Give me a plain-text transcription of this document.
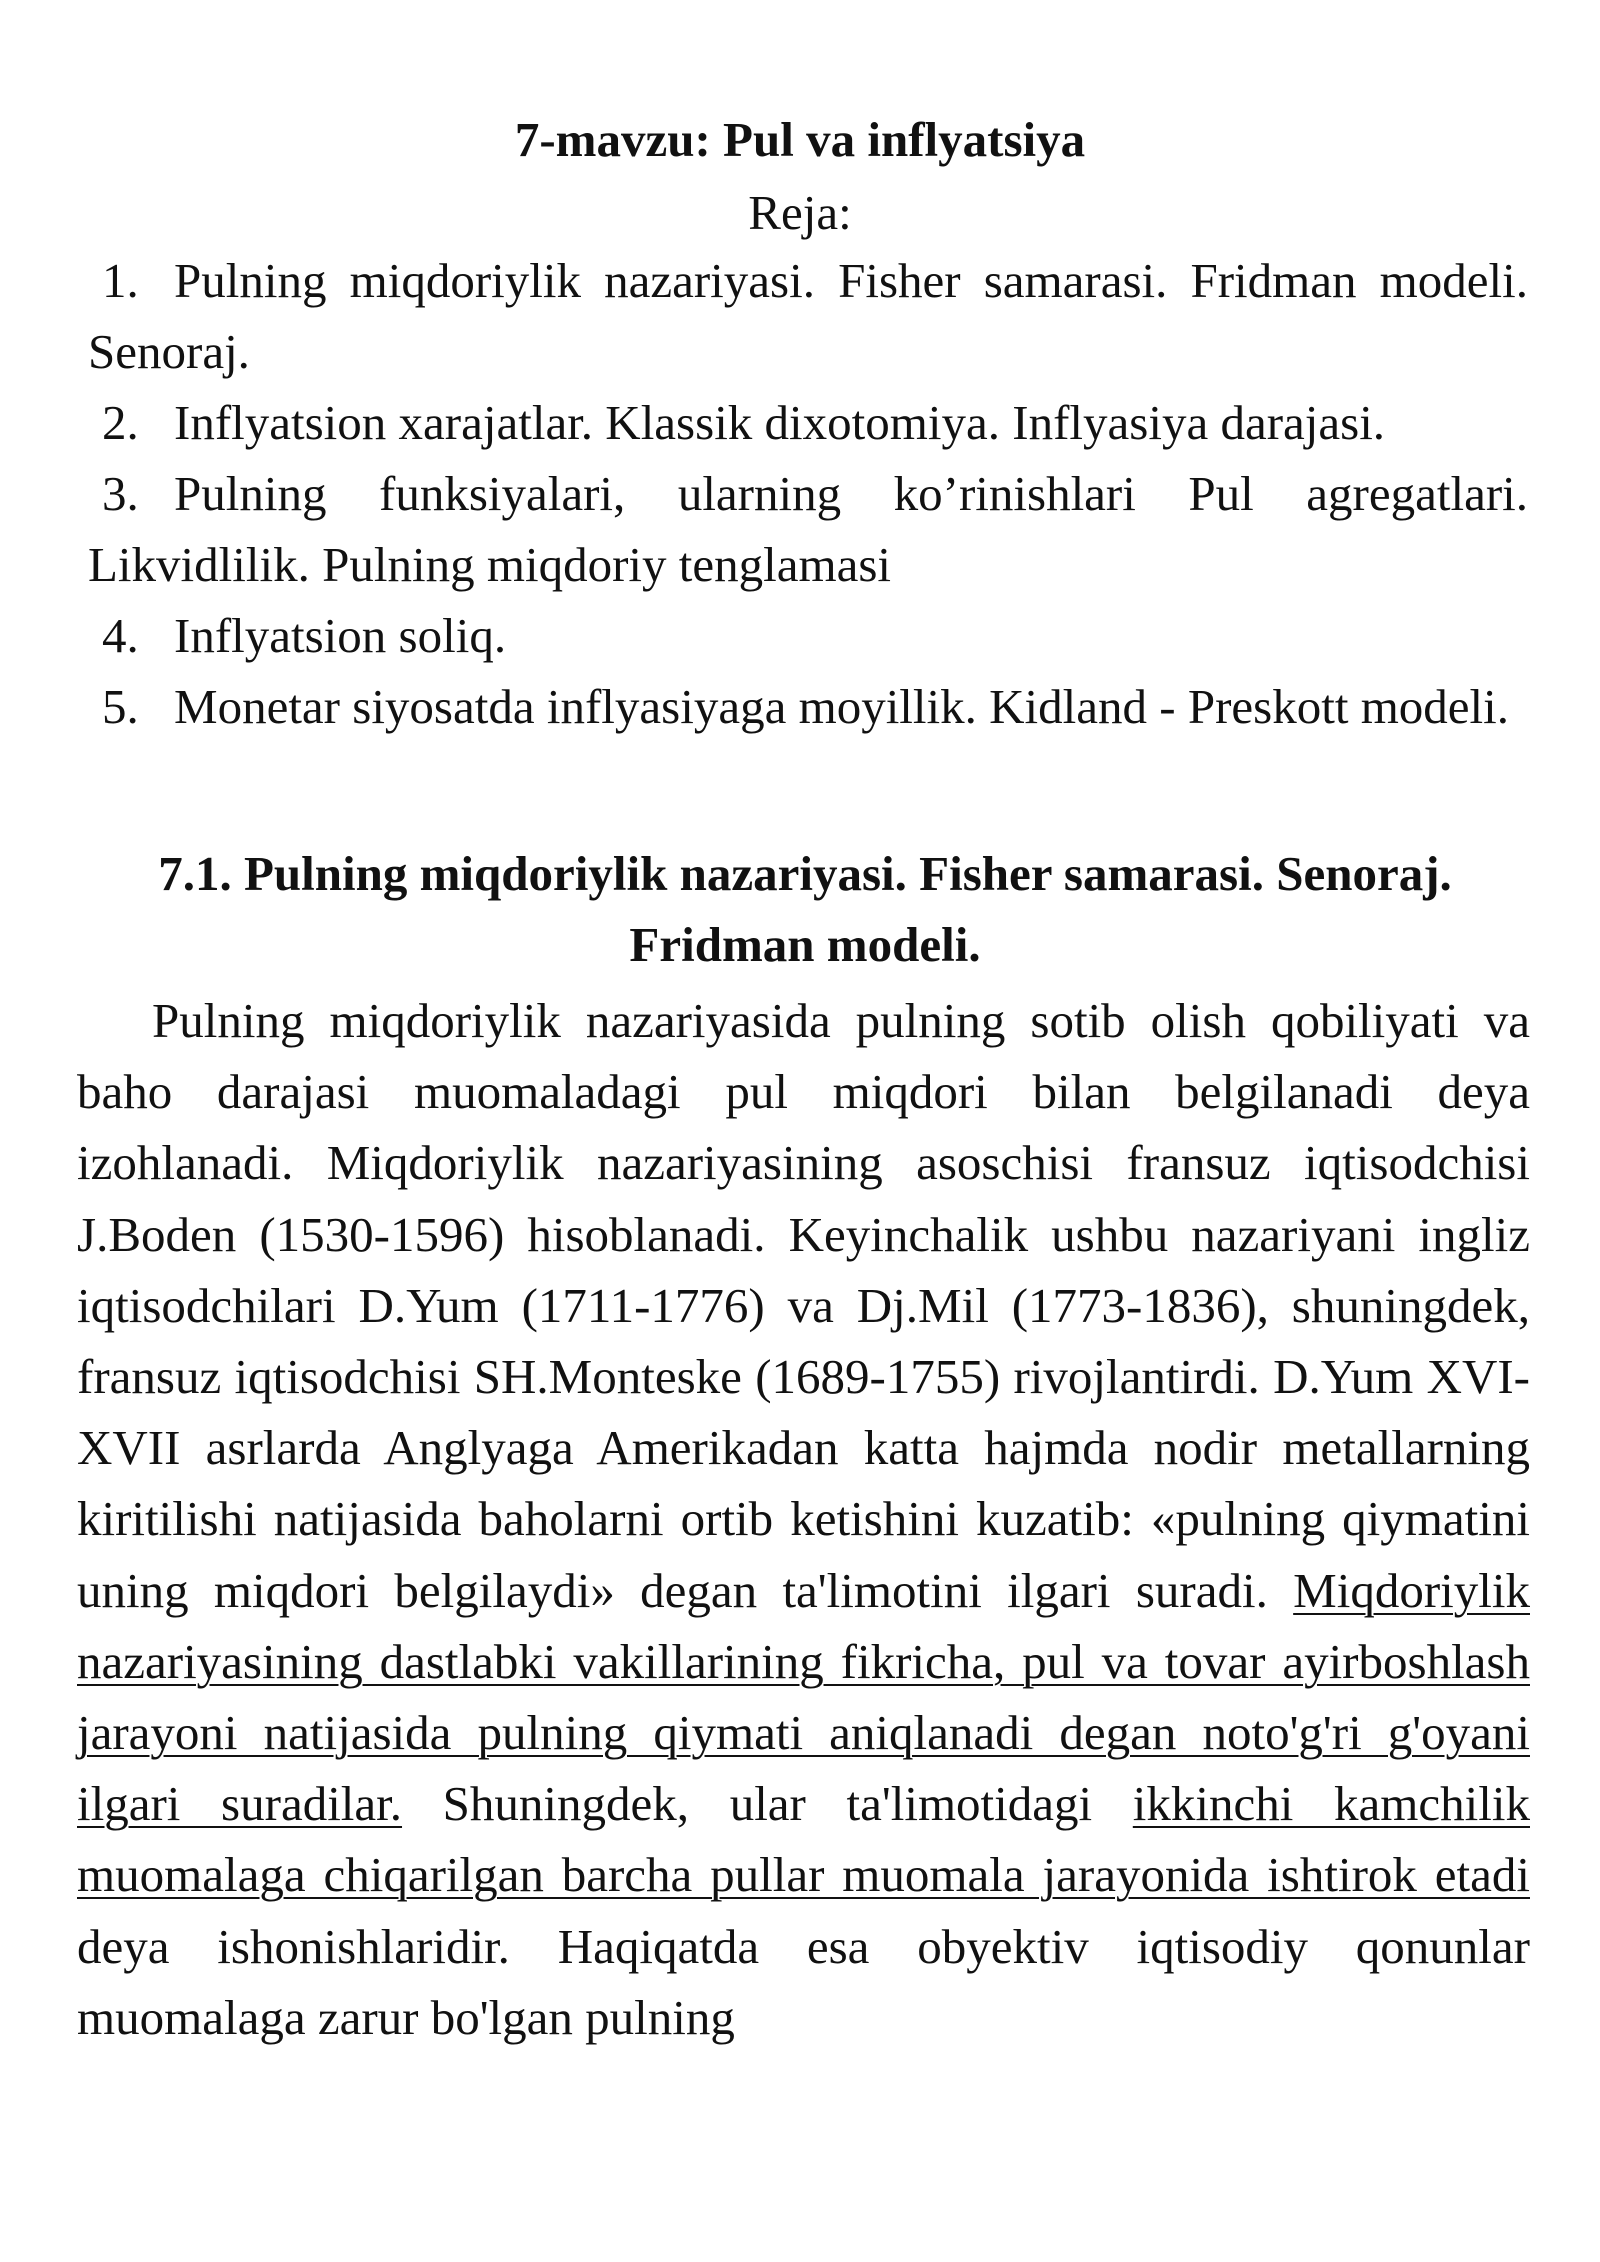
7-mavzu: Pul va inflyatsiya
Reja:

1. Pulning miqdoriylik nazariyasi. Fisher samarasi. Fridman modeli. Senoraj.

2. Inflyatsion xarajatlar. Klassik dixotomiya. Inflyasiya darajasi.

3. Pulning funksiyalari, ularning ko’rinishlari Pul agregatlari. Likvidlilik. Pulning miqdoriy tenglamasi

4. Inflyatsion soliq.

5. Monetar siyosatda inflyasiyaga moyillik. Kidland - Preskott modeli.

7.1. Pulning miqdoriylik nazariyasi. Fisher samarasi. Senoraj. Fridman modeli.

Pulning miqdoriylik nazariyasida pulning sotib olish qobiliyati va baho darajasi muomaladagi pul miqdori bilan belgilanadi deya izohlanadi. Miqdoriylik nazariyasining asoschisi fransuz iqtisodchisi J.Boden (1530-1596) hisoblanadi. Keyinchalik ushbu nazariyani ingliz iqtisodchilari D.Yum (1711-1776) va Dj.Mil (1773-1836), shuningdek, fransuz iqtisodchisi SH.Monteske (1689-1755) rivojlantirdi. D.Yum XVI-XVII asrlarda Anglyaga Amerikadan katta hajmda nodir metallarning kiritilishi natijasida baholarni ortib ketishini kuzatib: «pulning qiymatini uning miqdori belgilaydi» degan ta'limotini ilgari suradi. Miqdoriylik nazariyasining dastlabki vakillarining fikricha, pul va tovar ayirboshlash jarayoni natijasida pulning qiymati aniqlanadi degan noto'g'ri g'oyani ilgari suradilar. Shuningdek, ular ta'limotidagi ikkinchi kamchilik muomalaga chiqarilgan barcha pullar muomala jarayonida ishtirok etadi deya ishonishlaridir. Haqiqatda esa obyektiv iqtisodiy qonunlar muomalaga zarur bo'lgan pulning
